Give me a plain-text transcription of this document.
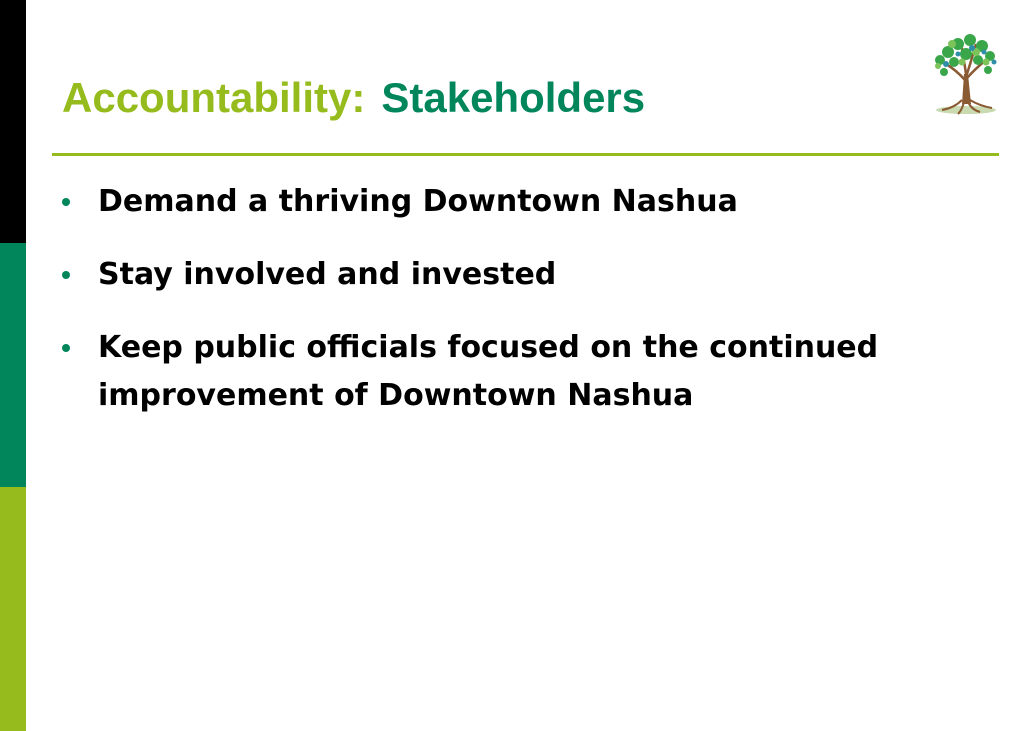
Accountability: Stakeholders
Demand a thriving Downtown Nashua
Stay involved and invested
Keep public officials focused on the continued improvement of Downtown Nashua
